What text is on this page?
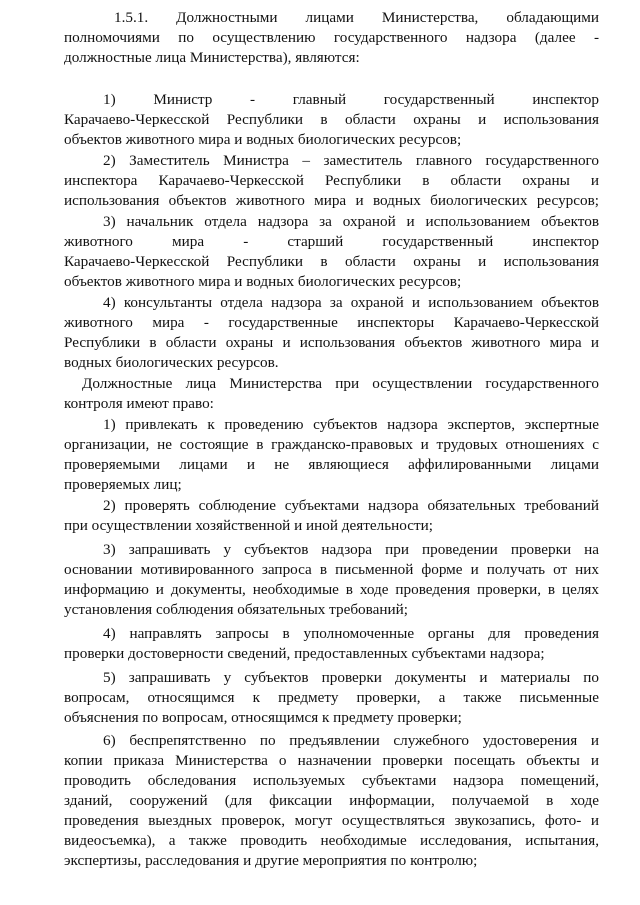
1.5.1. Должностными лицами Министерства, обладающими
полномочиями по осуществлению государственного надзора (далее -
должностные лица Министерства), являются:
1) Министр - главный государственный инспектор
Карачаево-Черкесской Республики в области охраны и использования
объектов животного мира и водных биологических ресурсов;
2) Заместитель Министра – заместитель главного государственного
инспектора Карачаево-Черкесской Республики в области охраны и
использования объектов животного мира и водных биологических ресурсов;
3) начальник отдела надзора за охраной и использованием объектов
животного мира - старший государственный инспектор
Карачаево-Черкесской Республики в области охраны и использования
объектов животного мира и водных биологических ресурсов;
4) консультанты отдела надзора за охраной и использованием объектов
животного мира - государственные инспекторы Карачаево-Черкесской
Республики в области охраны и использования объектов животного мира и
водных биологических ресурсов.
Должностные лица Министерства при осуществлении государственного
контроля имеют право:
1) привлекать к проведению субъектов надзора экспертов, экспертные
организации, не состоящие в гражданско-правовых и трудовых отношениях с
проверяемыми лицами и не являющиеся аффилированными лицами
проверяемых лиц;
2) проверять соблюдение субъектами надзора обязательных требований
при осуществлении хозяйственной и иной деятельности;
3) запрашивать у субъектов надзора при проведении проверки на
основании мотивированного запроса в письменной форме и получать от них
информацию и документы, необходимые в ходе проведения проверки, в целях
установления соблюдения обязательных требований;
4) направлять запросы в уполномоченные органы для проведения
проверки достоверности сведений, предоставленных субъектами надзора;
5) запрашивать у субъектов проверки документы и материалы по
вопросам, относящимся к предмету проверки, а также письменные
объяснения по вопросам, относящимся к предмету проверки;
6) беспрепятственно по предъявлении служебного удостоверения и
копии приказа Министерства о назначении проверки посещать объекты и
проводить обследования используемых субъектами надзора помещений,
зданий, сооружений (для фиксации информации, получаемой в ходе
проведения выездных проверок, могут осуществляться звукозапись, фото- и
видеосъемка), а также проводить необходимые исследования, испытания,
экспертизы, расследования и другие мероприятия по контролю;
